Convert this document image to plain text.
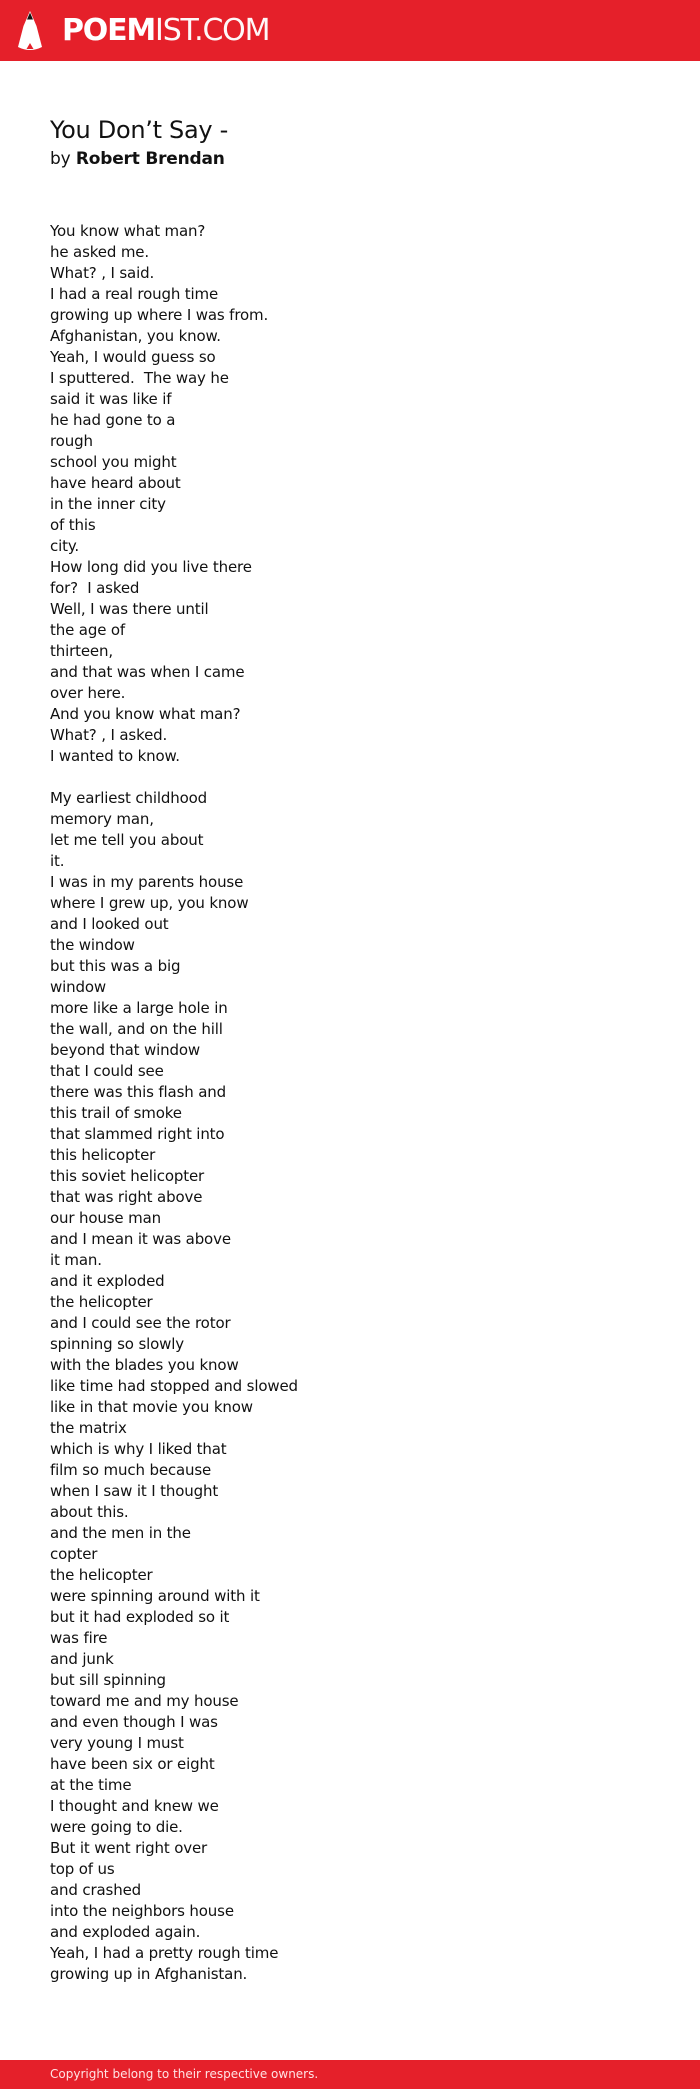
POEMIST.COM
You Don’t Say -
by Robert Brendan
You know what man?
he asked me.
What? , I said.
I had a real rough time
growing up where I was from.
Afghanistan, you know.
Yeah, I would guess so
I sputtered.  The way he
said it was like if
he had gone to a
rough
school you might
have heard about
in the inner city
of this
city.
How long did you live there
for?  I asked
Well, I was there until
the age of
thirteen,
and that was when I came
over here.
And you know what man?
What? , I asked.
I wanted to know.
My earliest childhood
memory man,
let me tell you about
it.
I was in my parents house
where I grew up, you know
and I looked out
the window
but this was a big
window
more like a large hole in
the wall, and on the hill
beyond that window
that I could see
there was this flash and
this trail of smoke
that slammed right into
this helicopter
this soviet helicopter
that was right above
our house man
and I mean it was above
it man.
and it exploded
the helicopter
and I could see the rotor
spinning so slowly
with the blades you know
like time had stopped and slowed
like in that movie you know
the matrix
which is why I liked that
film so much because
when I saw it I thought
about this.
and the men in the
copter
the helicopter
were spinning around with it
but it had exploded so it
was fire
and junk
but sill spinning
toward me and my house
and even though I was
very young I must
have been six or eight
at the time
I thought and knew we
were going to die.
But it went right over
top of us
and crashed
into the neighbors house
and exploded again.
Yeah, I had a pretty rough time
growing up in Afghanistan.
Copyright belong to their respective owners.
